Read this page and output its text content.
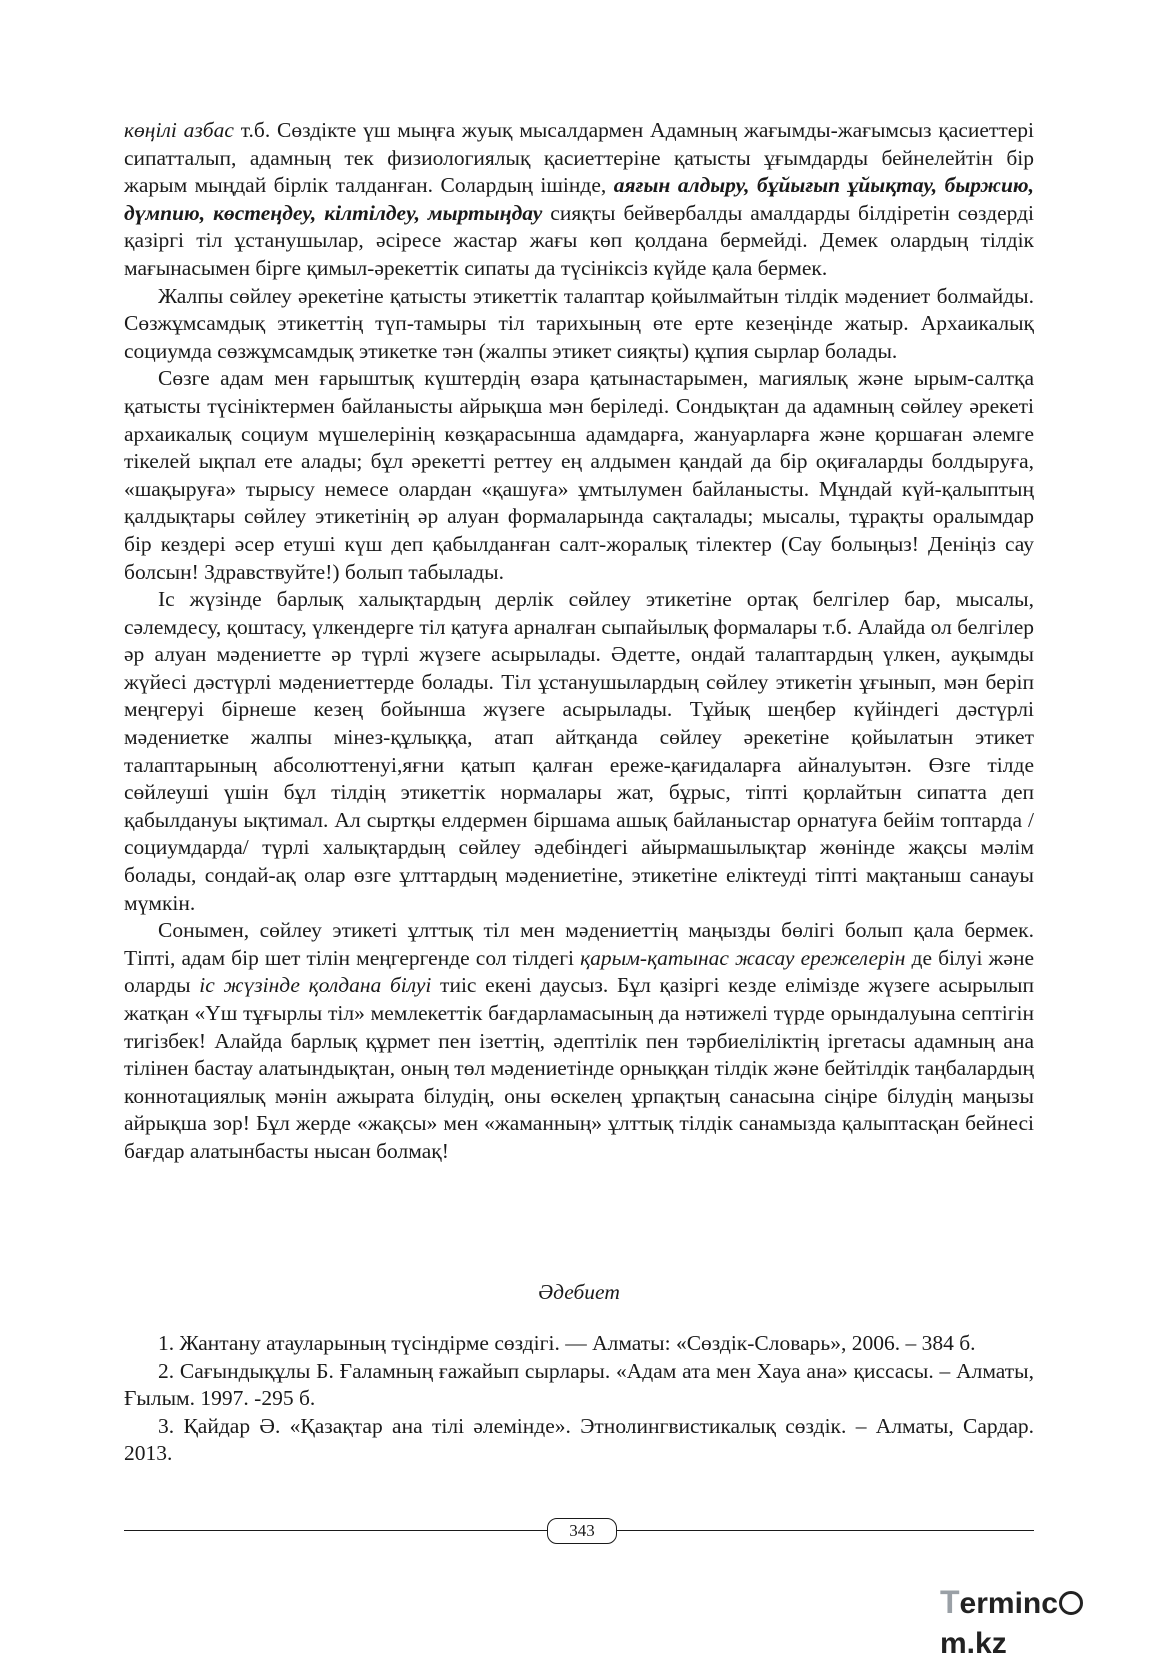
көңілі азбас т.б. Сөздікте үш мыңға жуық мысалдармен Адамның жағымды-жағымсыз қасиеттері сипатталып, адамның тек физиологиялық қасиеттеріне қатысты ұғымдарды бейнелейтін бір жарым мыңдай бірлік талданған. Солардың ішінде, аяғын алдыру, бұйығып ұйықтау, быржию, дүмпию, көстеңдеу, кілтілдеу, мыртыңдау сияқты бейвербалды амалдарды білдіретін сөздерді қазіргі тіл ұстанушылар, әсіресе жастар жағы көп қолдана бермейді. Демек олардың тілдік мағынасымен бірге қимыл-әрекеттік сипаты да түсініксіз күйде қала бермек.

Жалпы сөйлеу әрекетіне қатысты этикеттік талаптар қойылмайтын тілдік мәдениет болмайды. Сөзжұмсамдық этикеттің түп-тамыры тіл тарихының өте ерте кезеңінде жатыр. Архаикалық социумда сөзжұмсамдық этикетке тән (жалпы этикет сияқты) құпия сырлар болады.

Сөзге адам мен ғарыштық күштердің өзара қатынастарымен, магиялық және ырым-салтқа қатысты түсініктермен байланысты айрықша мән беріледі. Сондықтан да адамның сөйлеу әрекеті архаикалық социум мүшелерінің көзқарасынша адамдарға, жануарларға және қоршаған әлемге тікелей ықпал ете алады; бұл әрекетті реттеу ең алдымен қандай да бір оқиғаларды болдыруға, «шақыруға» тырысу немесе олардан «қашуға» ұмтылумен байланысты. Мұндай күй-қалыптың қалдықтары сөйлеу этикетінің әр алуан формаларында сақталады; мысалы, тұрақты оралымдар бір кездері әсер етуші күш деп қабылданған салт-жоралық тілектер (Сау болыңыз! Деніңіз сау болсын! Здравствуйте!) болып табылады.

Іс жүзінде барлық халықтардың дерлік сөйлеу этикетіне ортақ белгілер бар, мысалы, сәлемдесу, қоштасу, үлкендерге тіл қатуға арналған сыпайылық формалары т.б. Алайда ол белгілер әр алуан мәдениетте әр түрлі жүзеге асырылады. Әдетте, ондай талаптардың үлкен, ауқымды жүйесі дәстүрлі мәдениеттерде болады. Тіл ұстанушылардың сөйлеу этикетін ұғынып, мән беріп меңгеруі бірнеше кезең бойынша жүзеге асырылады. Тұйық шеңбер күйіндегі дәстүрлі мәдениетке жалпы мінез-құлыққа, атап айтқанда сөйлеу әрекетіне қойылатын этикет талаптарының абсолюттенуі,яғни қатып қалған ереже-қағидаларға айналуытән. Өзге тілде сөйлеуші үшін бұл тілдің этикеттік нормалары жат, бұрыс, тіпті қорлайтын сипатта деп қабылдануы ықтимал. Ал сыртқы елдермен біршама ашық байланыстар орнатуға бейім топтарда /социумдарда/ түрлі халықтардың сөйлеу әдебіндегі айырмашылықтар жөнінде жақсы мәлім болады, сондай-ақ олар өзге ұлттардың мәдениетіне, этикетіне еліктеуді тіпті мақтаныш санауы мүмкін.

Сонымен, сөйлеу этикеті ұлттық тіл мен мәдениеттің маңызды бөлігі болып қала бермек. Тіпті, адам бір шет тілін меңгергенде сол тілдегі қарым-қатынас жасау ережелерін де білуі және оларды іс жүзінде қолдана білуі тиіс екені даусыз. Бұл қазіргі кезде елімізде жүзеге асырылып жатқан «Үш тұғырлы тіл» мемлекеттік бағдарламасының да нәтижелі түрде орындалуына септігін тигізбек! Алайда барлық құрмет пен ізеттің, әдептілік пен тәрбиеліліктің іргетасы адамның ана тілінен бастау алатындықтан, оның төл мәдениетінде орныққан тілдік және бейтілдік таңбалардың коннотациялық мәнін ажырата білудің, оны өскелең ұрпақтың санасына сіңіре білудің маңызы айрықша зор! Бұл жерде «жақсы» мен «жаманның» ұлттық тілдік санамызда қалыптасқан бейнесі бағдар алатынбасты нысан болмақ!

Әдебиет

1. Жантану атауларының түсіндірме сөздігі. — Алматы: «Сөздік-Словарь», 2006. – 384 б.

2. Сағындықұлы Б. Ғаламның ғажайып сырлары. «Адам ата мен Хауа ана» қиссасы. – Алматы, Ғылым. 1997. -295 б.

3. Қайдар Ә. «Қазақтар ана тілі әлемінде». Этнолингвистикалық сөздік. – Алматы, Сардар. 2013.

343
Termincm.kz
